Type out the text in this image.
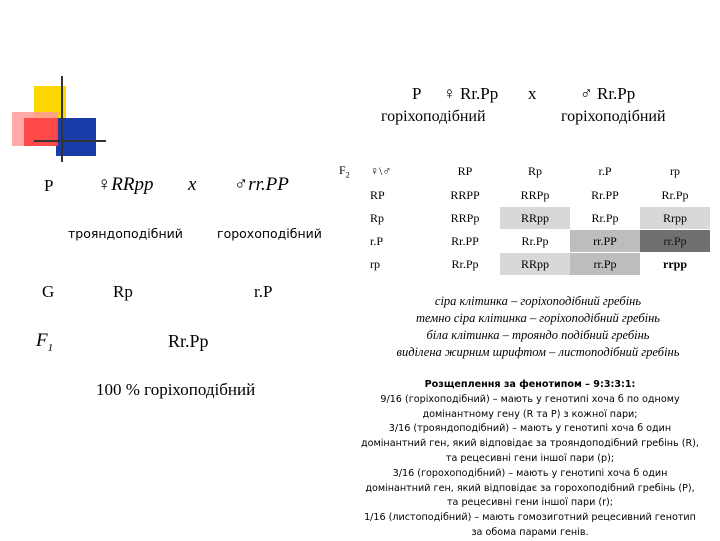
P ♀ Rr.Pp x	♂ Rr.Pp
горіхоподібний	горіхоподібний
P ♀RRpp x ♂rr.PP
трояндоподібний	горохоподібний
G	Rp	r.P
$F_1$	Rr.Pp
100 % горіхоподібний
$F_2$	♀\♂	RP	Rp	r.P	rp
RP	RRPP	RRPp	Rr.PP	Rr.Pp
Rp	RRPp	RRpp	Rr.Pp	Rrpp
r.P	Rr.PP	Rr.Pp	rr.PP	rr.Pp
rp	Rr.Pp	RRpp	rr.Pp	rrpp
сіра клітинка – горіхоподібний гребінь
темно сіра клітинка – горіхоподібний гребінь
біла клітинка – трояндо подібний гребінь
виділена жирним шрифтом – листоподібний гребінь
Розщеплення за фенотипом – 9:3:3:1:
9/16 (горіхоподібний) – мають у генотипі хоча б по одному
домінантному гену (R та P) з кожної пари;
3/16 (трояндоподібний) – мають у генотипі хоча б один
домінантний ген, який відповідає за трояндоподібний гребінь (R),
та рецесивні гени іншої пари (p);
3/16 (горохоподібний) – мають у генотипі хоча б один
домінантний ген, який відповідає за горохоподібний гребінь (P),
та рецесивні гени іншої пари (r);
1/16 (листоподібний) – мають гомозиготний рецесивний генотип
за обома парами генів.
